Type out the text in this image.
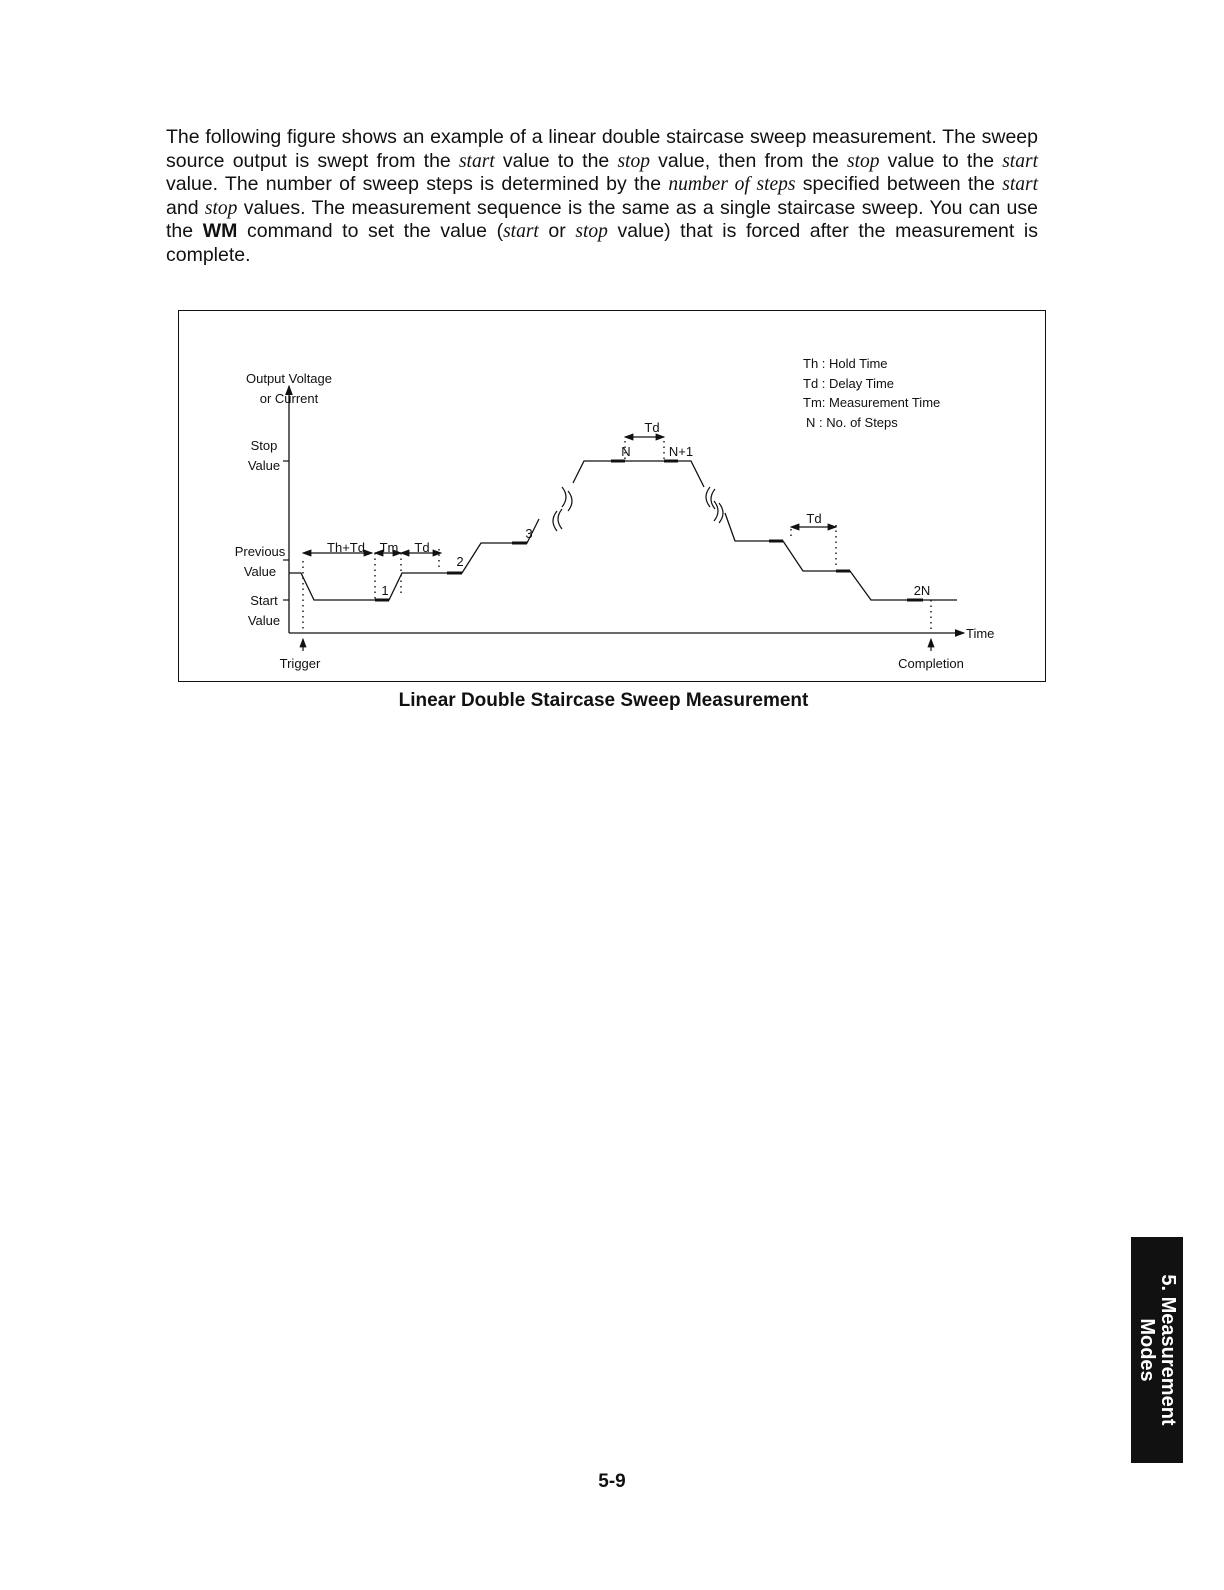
The following figure shows an example of a linear double staircase sweep measurement. The sweep source output is swept from the start value to the stop value, then from the stop value to the start value. The number of sweep steps is determined by the number of steps specified between the start and stop values. The measurement sequence is the same as a single staircase sweep. You can use the WM command to set the value (start or stop value) that is forced after the measurement is complete.
Output Voltage
or Current
Stop
Value
Previous
Value
Start
Value
Trigger	Completion
Time
Th+Td Tm Td
Td
Td
1
2
3
N	N+1
2N
Th : Hold Time
Td : Delay Time
Tm: Measurement Time
N : No. of Steps
Linear Double Staircase Sweep Measurement
5. Measurement
Modes
5-9
